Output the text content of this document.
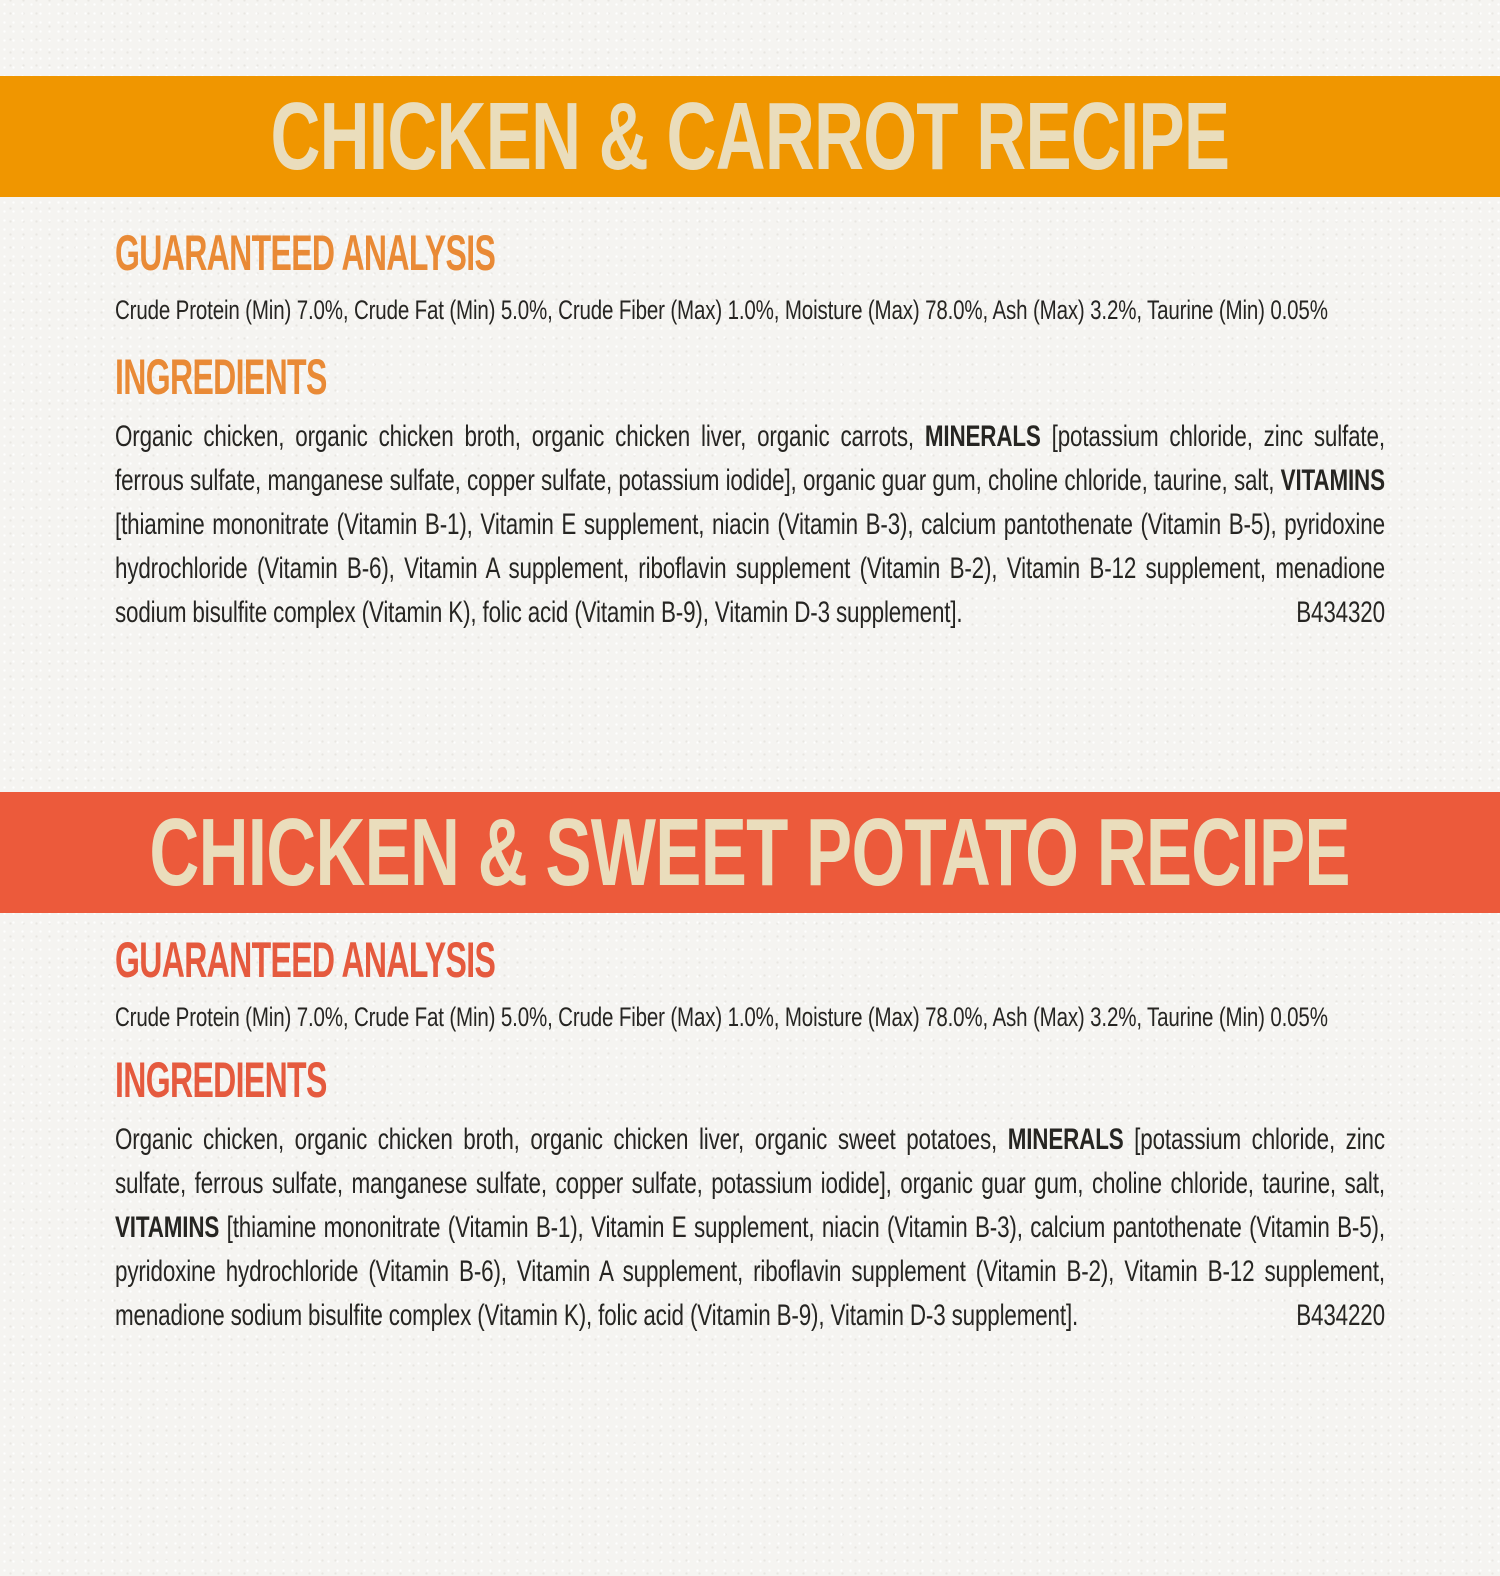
CHICKEN & CARROT RECIPE
GUARANTEED ANALYSIS

Crude Protein (Min) 7.0%, Crude Fat (Min) 5.0%, Crude Fiber (Max) 1.0%, Moisture (Max) 78.0%, Ash (Max) 3.2%, Taurine (Min) 0.05%

INGREDIENTS

Organic chicken, organic chicken broth, organic chicken liver, organic carrots, MINERALS [potassium chloride, zinc sulfate, ferrous sulfate, manganese sulfate, copper sulfate, potassium iodide], organic guar gum, choline chloride, taurine, salt, VITAMINS [thiamine mononitrate (Vitamin B-1), Vitamin E supplement, niacin (Vitamin B-3), calcium pantothenate (Vitamin B-5), pyridoxine hydrochloride (Vitamin B-6), Vitamin A supplement, riboflavin supplement (Vitamin B-2), Vitamin B-12 supplement, menadione sodium bisulfite complex (Vitamin K), folic acid (Vitamin B-9), Vitamin D-3 supplement].	B434320

CHICKEN & SWEET POTATO RECIPE
GUARANTEED ANALYSIS

Crude Protein (Min) 7.0%, Crude Fat (Min) 5.0%, Crude Fiber (Max) 1.0%, Moisture (Max) 78.0%, Ash (Max) 3.2%, Taurine (Min) 0.05%

INGREDIENTS

Organic chicken, organic chicken broth, organic chicken liver, organic sweet potatoes, MINERALS [potassium chloride, zinc sulfate, ferrous sulfate, manganese sulfate, copper sulfate, potassium iodide], organic guar gum, choline chloride, taurine, salt, VITAMINS [thiamine mononitrate (Vitamin B-1), Vitamin E supplement, niacin (Vitamin B-3), calcium pantothenate (Vitamin B-5), pyridoxine hydrochloride (Vitamin B-6), Vitamin A supplement, riboflavin supplement (Vitamin B-2), Vitamin B-12 supplement, menadione sodium bisulfite complex (Vitamin K), folic acid (Vitamin B-9), Vitamin D-3 supplement].	B434220
